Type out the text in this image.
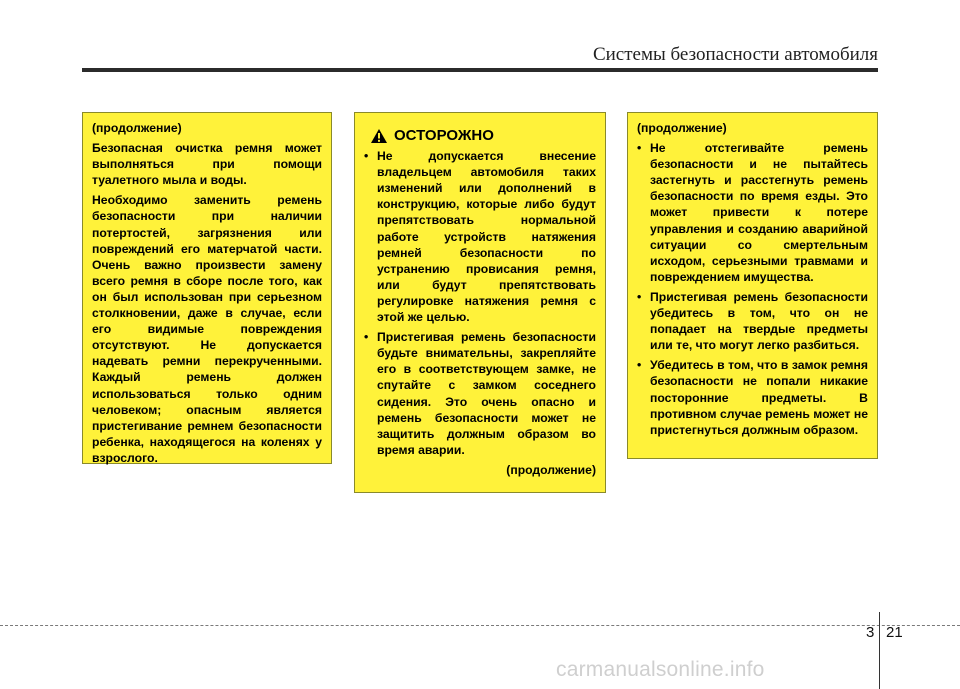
Системы безопасности автомобиля

(продолжение)

Безопасная очистка ремня может выполняться при помощи туалетного мыла и воды.

Необходимо заменить ремень безопасности при наличии потертостей, загрязнения или повреждений его матерчатой части. Очень важно произвести замену всего ремня в сборе после того, как он был использован при серьезном столкновении, даже в случае, если его видимые повреждения отсутствуют. Не допускается надевать ремни перекрученными. Каждый ремень должен использоваться только одним человеком; опасным является пристегивание ремнем безопасности ребенка, находящегося на коленях у взрослого.

ОСТОРОЖНО
• Не допускается внесение владельцем автомобиля таких изменений или дополнений в конструкцию, которые либо будут препятствовать нормальной работе устройств натяжения ремней безопасности по устранению провисания ремня, или будут препятствовать регулировке натяжения ремня с этой же целью.
• Пристегивая ремень безопасности будьте внимательны, закрепляйте его в соответствующем замке, не спутайте с замком соседнего сидения. Это очень опасно и ремень безопасности может не защитить должным образом во время аварии.
(продолжение)

(продолжение)

• Не отстегивайте ремень безопасности и не пытайтесь застегнуть и расстегнуть ремень безопасности по время езды. Это может привести к потере управления и созданию аварийной ситуации со смертельным исходом, серьезными травмами и повреждением имущества.
• Пристегивая ремень безопасности убедитесь в том, что он не попадает на твердые предметы или те, что могут легко разбиться.
• Убедитесь в том, что в замок ремня безопасности не попали никакие посторонние предметы. В противном случае ремень может не пристегнуться должным образом.
3 21
carmanualsonline.info
